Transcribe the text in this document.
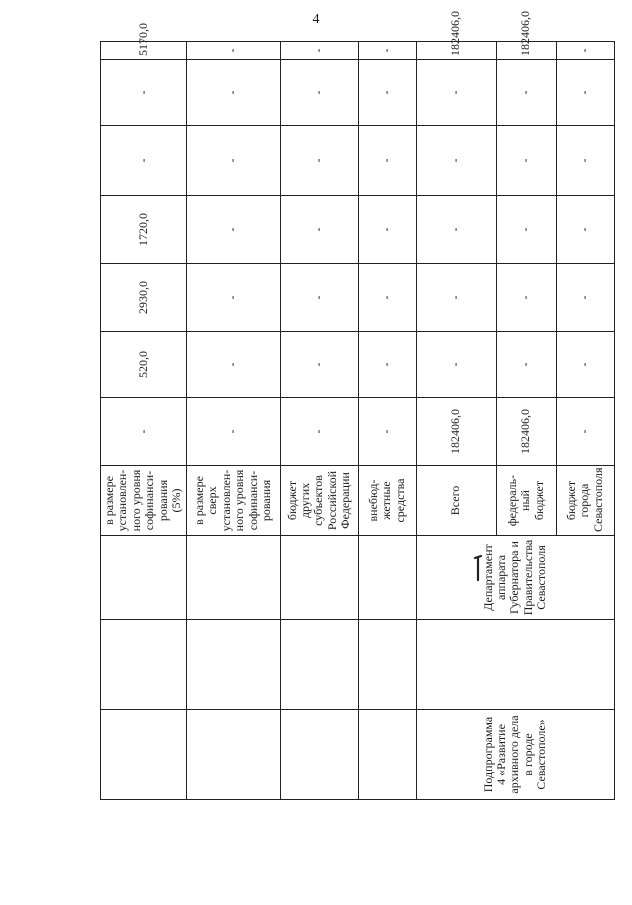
4
			в размере установленного уровня софинансирования (5%)	-	520,0	2930,0	1720,0	-	-	5170,0
			в размере сверх установленного уровня софинансирования	-	-	-	-	-	-	-
			бюджет других субъектов Российской Федерации	-	-	-	-	-	-	-
			внебюджетные средства	-	-	-	-	-	-	-
Подпрограмма 4 «Развитие архивного дела в городе Севастополе»		Департамент аппарата Губернатора и Правительства Севастополя	Всего	182406,0	-	-	-	-	-	182406,0
			федеральный бюджет	182406,0	-	-	-	-	-	182406,0
			бюджет города Севастополя	-	-	-	-	-	-	-
